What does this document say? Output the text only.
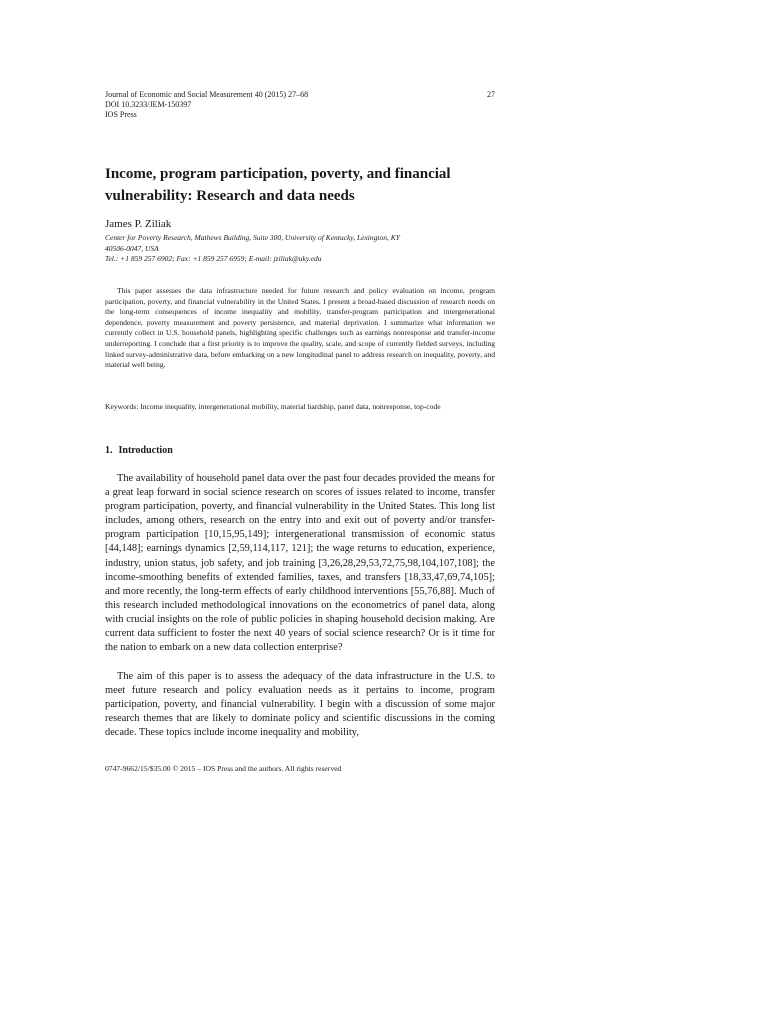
Journal of Economic and Social Measurement 40 (2015) 27–68
DOI 10.3233/JEM-150397
IOS Press
27
Income, program participation, poverty, and financial vulnerability: Research and data needs
James P. Ziliak
Center for Poverty Research, Mathews Building, Suite 300, University of Kentucky, Lexington, KY
40506-0047, USA
Tel.: +1 859 257 6902; Fax: +1 859 257 6959; E-mail: jziliak@uky.edu

This paper assesses the data infrastructure needed for future research and policy evaluation on income, program participation, poverty, and financial vulnerability in the United States. I present a broad-based discussion of research needs on the long-term consequences of income inequality and mobility, transfer-program participation and intergenerational dependence, poverty measurement and poverty persistence, and material deprivation. I summarize what information we currently collect in U.S. household panels, highlighting specific challenges such as earnings nonresponse and transfer-income underreporting. I conclude that a first priority is to improve the quality, scale, and scope of currently fielded surveys, including linked survey-administrative data, before embarking on a new longitudinal panel to address research on inequality, poverty, and material well being.

Keywords: Income inequality, intergenerational mobility, material hardship, panel data, nonresponse, top-code

1. Introduction

The availability of household panel data over the past four decades provided the means for a great leap forward in social science research on scores of issues related to income, transfer program participation, poverty, and financial vulnerability in the United States. This long list includes, among others, research on the entry into and exit out of poverty and/or transfer-program participation [10,15,95,149]; intergenerational transmission of economic status [44,148]; earnings dynamics [2,59,114,117, 121]; the wage returns to education, experience, industry, union status, job safety, and job training [3,26,28,29,53,72,75,98,104,107,108]; the income-smoothing benefits of extended families, taxes, and transfers [18,33,47,69,74,105]; and more recently, the long-term effects of early childhood interventions [55,76,88]. Much of this research included methodological innovations on the econometrics of panel data, along with crucial insights on the role of public policies in shaping household decision making. Are current data sufficient to foster the next 40 years of social science research? Or is it time for the nation to embark on a new data collection enterprise?

The aim of this paper is to assess the adequacy of the data infrastructure in the U.S. to meet future research and policy evaluation needs as it pertains to income, program participation, poverty, and financial vulnerability. I begin with a discussion of some major research themes that are likely to dominate policy and scientific discussions in the coming decade. These topics include income inequality and mobility,

0747-9662/15/$35.00 © 2015 – IOS Press and the authors. All rights reserved
